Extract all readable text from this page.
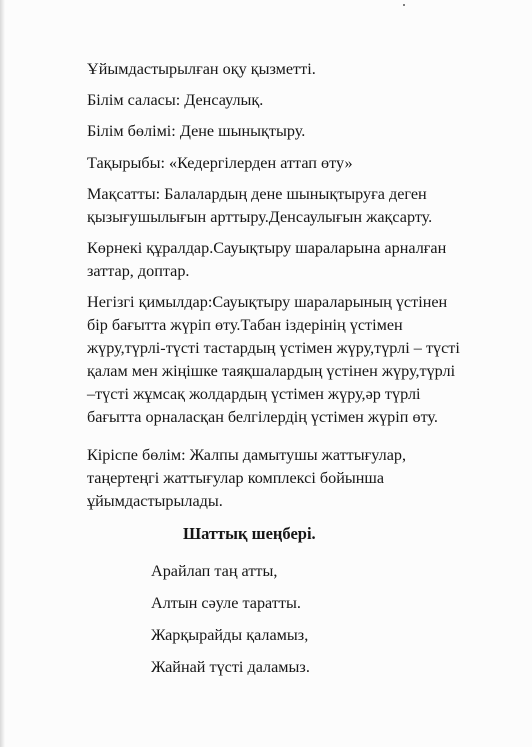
Ұйымдастырылған оқу қызметті.

Білім саласы: Денсаулық.

Білім бөлімі: Дене шынықтыру.

Тақырыбы: «Кедергілерден аттап өту»

Мақсатты: Балалардың дене шынықтыруға деген
қызығушылығын арттыру.Денсаулығын жақсарту.

Көрнекі құралдар.Сауықтыру шараларына арналған
заттар, доптар.

Негізгі қимылдар:Сауықтыру шараларының үстінен
бір бағытта жүріп өту.Табан іздерінің үстімен
жүру,түрлі-түсті тастардың үстімен жүру,түрлі – түсті
қалам мен жіңішке таяқшалардың үстінен жүру,түрлі
–түсті жұмсақ жолдардың үстімен жүру,әр түрлі
бағытта орналасқан белгілердің үстімен жүріп өту.

Кіріспе бөлім: Жалпы дамытушы жаттығулар,
таңертеңгі жаттығулар комплексі бойынша
ұйымдастырылады.

Шаттық шеңбері.

Арайлап таң атты,
Алтын сәуле таратты.
Жарқырайды қаламыз,
Жайнай түсті даламыз.
